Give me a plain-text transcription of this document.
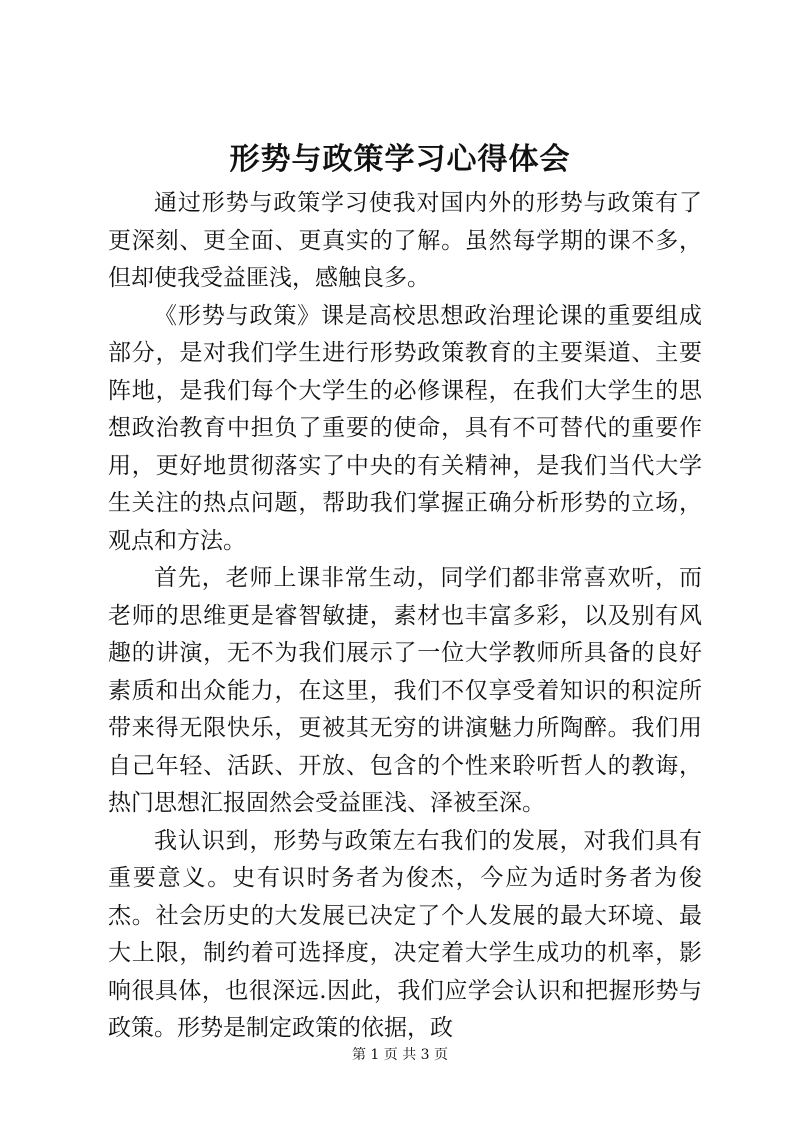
形势与政策学习心得体会

通过形势与政策学习使我对国内外的形势与政策有了更深刻、更全面、更真实的了解。虽然每学期的课不多，但却使我受益匪浅，感触良多。

《形势与政策》课是高校思想政治理论课的重要组成部分，是对我们学生进行形势政策教育的主要渠道、主要阵地，是我们每个大学生的必修课程，在我们大学生的思想政治教育中担负了重要的使命，具有不可替代的重要作用，更好地贯彻落实了中央的有关精神，是我们当代大学生关注的热点问题，帮助我们掌握正确分析形势的立场，观点和方法。

首先，老师上课非常生动，同学们都非常喜欢听，而老师的思维更是睿智敏捷，素材也丰富多彩，以及别有风趣的讲演，无不为我们展示了一位大学教师所具备的良好素质和出众能力，在这里，我们不仅享受着知识的积淀所带来得无限快乐，更被其无穷的讲演魅力所陶醉。我们用自己年轻、活跃、开放、包含的个性来聆听哲人的教诲，热门思想汇报固然会受益匪浅、泽被至深。

我认识到，形势与政策左右我们的发展，对我们具有重要意义。史有识时务者为俊杰，今应为适时务者为俊杰。社会历史的大发展已决定了个人发展的最大环境、最大上限，制约着可选择度，决定着大学生成功的机率，影响很具体，也很深远.因此，我们应学会认识和把握形势与政策。形势是制定政策的依据，政

第 1 页 共 3 页
